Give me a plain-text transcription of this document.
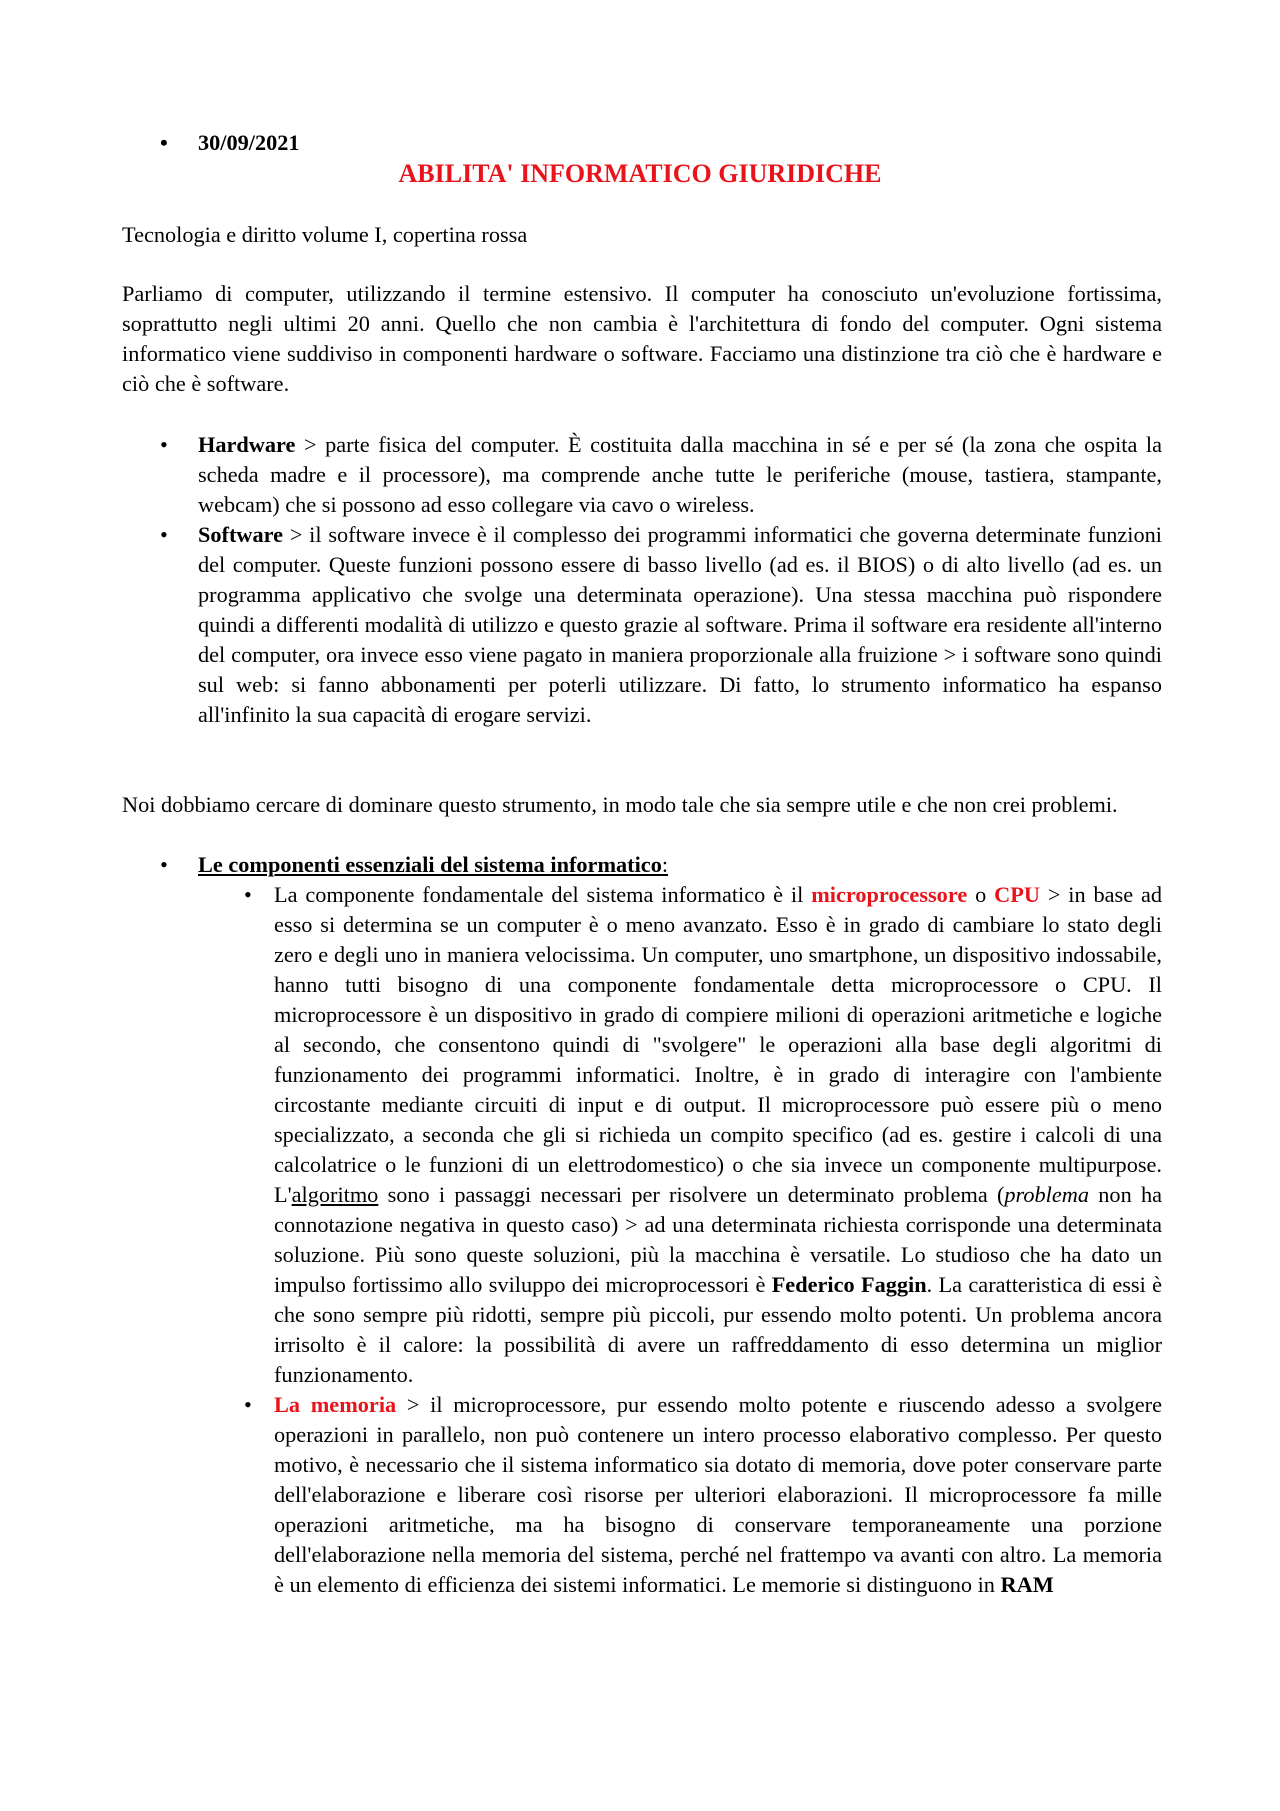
• 30/09/2021
ABILITA' INFORMATICO GIURIDICHE
Tecnologia e diritto volume I, copertina rossa
Parliamo di computer, utilizzando il termine estensivo. Il computer ha conosciuto un'evoluzione fortissima, soprattutto negli ultimi 20 anni. Quello che non cambia è l'architettura di fondo del computer. Ogni sistema informatico viene suddiviso in componenti hardware o software. Facciamo una distinzione tra ciò che è hardware e ciò che è software.
• Hardware > parte fisica del computer. È costituita dalla macchina in sé e per sé (la zona che ospita la scheda madre e il processore), ma comprende anche tutte le periferiche (mouse, tastiera, stampante, webcam) che si possono ad esso collegare via cavo o wireless.
• Software > il software invece è il complesso dei programmi informatici che governa determinate funzioni del computer. Queste funzioni possono essere di basso livello (ad es. il BIOS) o di alto livello (ad es. un programma applicativo che svolge una determinata operazione). Una stessa macchina può rispondere quindi a differenti modalità di utilizzo e questo grazie al software. Prima il software era residente all'interno del computer, ora invece esso viene pagato in maniera proporzionale alla fruizione > i software sono quindi sul web: si fanno abbonamenti per poterli utilizzare. Di fatto, lo strumento informatico ha espanso all'infinito la sua capacità di erogare servizi.
Noi dobbiamo cercare di dominare questo strumento, in modo tale che sia sempre utile e che non crei problemi.
• Le componenti essenziali del sistema informatico:
• La componente fondamentale del sistema informatico è il microprocessore o CPU > in base ad esso si determina se un computer è o meno avanzato. Esso è in grado di cambiare lo stato degli zero e degli uno in maniera velocissima. Un computer, uno smartphone, un dispositivo indossabile, hanno tutti bisogno di una componente fondamentale detta microprocessore o CPU. Il microprocessore è un dispositivo in grado di compiere milioni di operazioni aritmetiche e logiche al secondo, che consentono quindi di "svolgere" le operazioni alla base degli algoritmi di funzionamento dei programmi informatici. Inoltre, è in grado di interagire con l'ambiente circostante mediante circuiti di input e di output. Il microprocessore può essere più o meno specializzato, a seconda che gli si richieda un compito specifico (ad es. gestire i calcoli di una calcolatrice o le funzioni di un elettrodomestico) o che sia invece un componente multipurpose. L'algoritmo sono i passaggi necessari per risolvere un determinato problema (problema non ha connotazione negativa in questo caso) > ad una determinata richiesta corrisponde una determinata soluzione. Più sono queste soluzioni, più la macchina è versatile. Lo studioso che ha dato un impulso fortissimo allo sviluppo dei microprocessori è Federico Faggin. La caratteristica di essi è che sono sempre più ridotti, sempre più piccoli, pur essendo molto potenti. Un problema ancora irrisolto è il calore: la possibilità di avere un raffreddamento di esso determina un miglior funzionamento.
• La memoria > il microprocessore, pur essendo molto potente e riuscendo adesso a svolgere operazioni in parallelo, non può contenere un intero processo elaborativo complesso. Per questo motivo, è necessario che il sistema informatico sia dotato di memoria, dove poter conservare parte dell'elaborazione e liberare così risorse per ulteriori elaborazioni. Il microprocessore fa mille operazioni aritmetiche, ma ha bisogno di conservare temporaneamente una porzione dell'elaborazione nella memoria del sistema, perché nel frattempo va avanti con altro. La memoria è un elemento di efficienza dei sistemi informatici. Le memorie si distinguono in RAM
